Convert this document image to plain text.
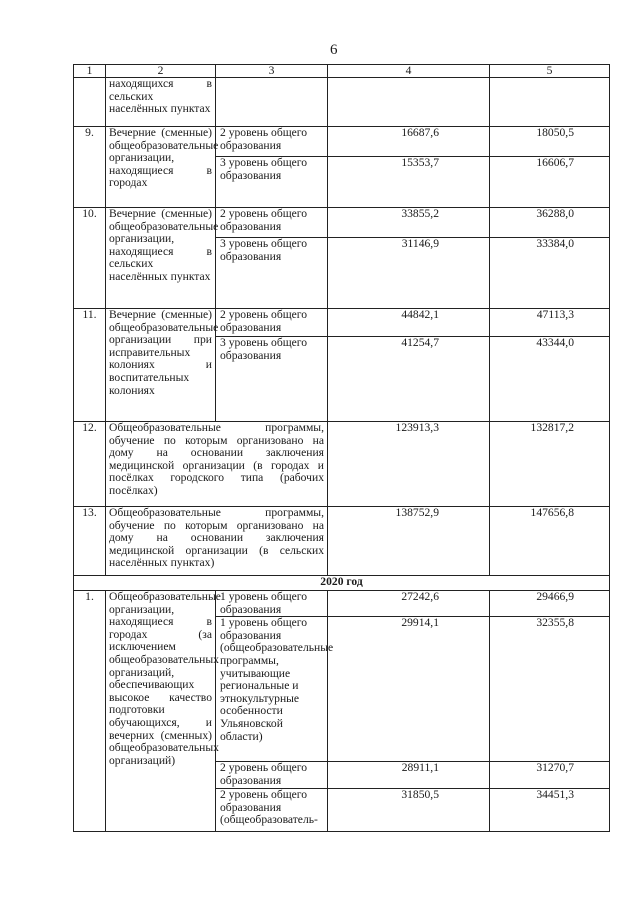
6
1	2	3	4	5
	находящихся в сельских населённых пунктах			
9.	Вечерние (сменные) общеобразовательные организации, находящиеся в городах	2 уровень общего образования	16687,6	18050,5
		3 уровень общего образования	15353,7	16606,7
10.	Вечерние (сменные) общеобразовательные организации, находящиеся в сельских населённых пунктах	2 уровень общего образования	33855,2	36288,0
		3 уровень общего образования	31146,9	33384,0
11.	Вечерние (сменные) общеобразовательные организации при исправительных колониях и воспитательных колониях	2 уровень общего образования	44842,1	47113,3
		3 уровень общего образования	41254,7	43344,0
12.	Общеобразовательные программы, обучение по которым организовано на дому на основании заключения медицинской организации (в городах и посёлках городского типа (рабочих посёлках)		123913,3	132817,2
13.	Общеобразовательные программы, обучение по которым организовано на дому на основании заключения медицинской организации (в сельских населённых пунктах)		138752,9	147656,8
2020 год				
1.	Общеобразовательные организации, находящиеся в городах (за исключением общеобразовательных организаций, обеспечивающих высокое качество подготовки обучающихся, и вечерних (сменных) общеобразовательных организаций)	1 уровень общего образования	27242,6	29466,9
		1 уровень общего образования (общеобразовательные программы, учитывающие региональные и этнокультурные особенности Ульяновской области)	29914,1	32355,8
		2 уровень общего образования	28911,1	31270,7
		2 уровень общего образования (общеобразователь-	31850,5	34451,3
